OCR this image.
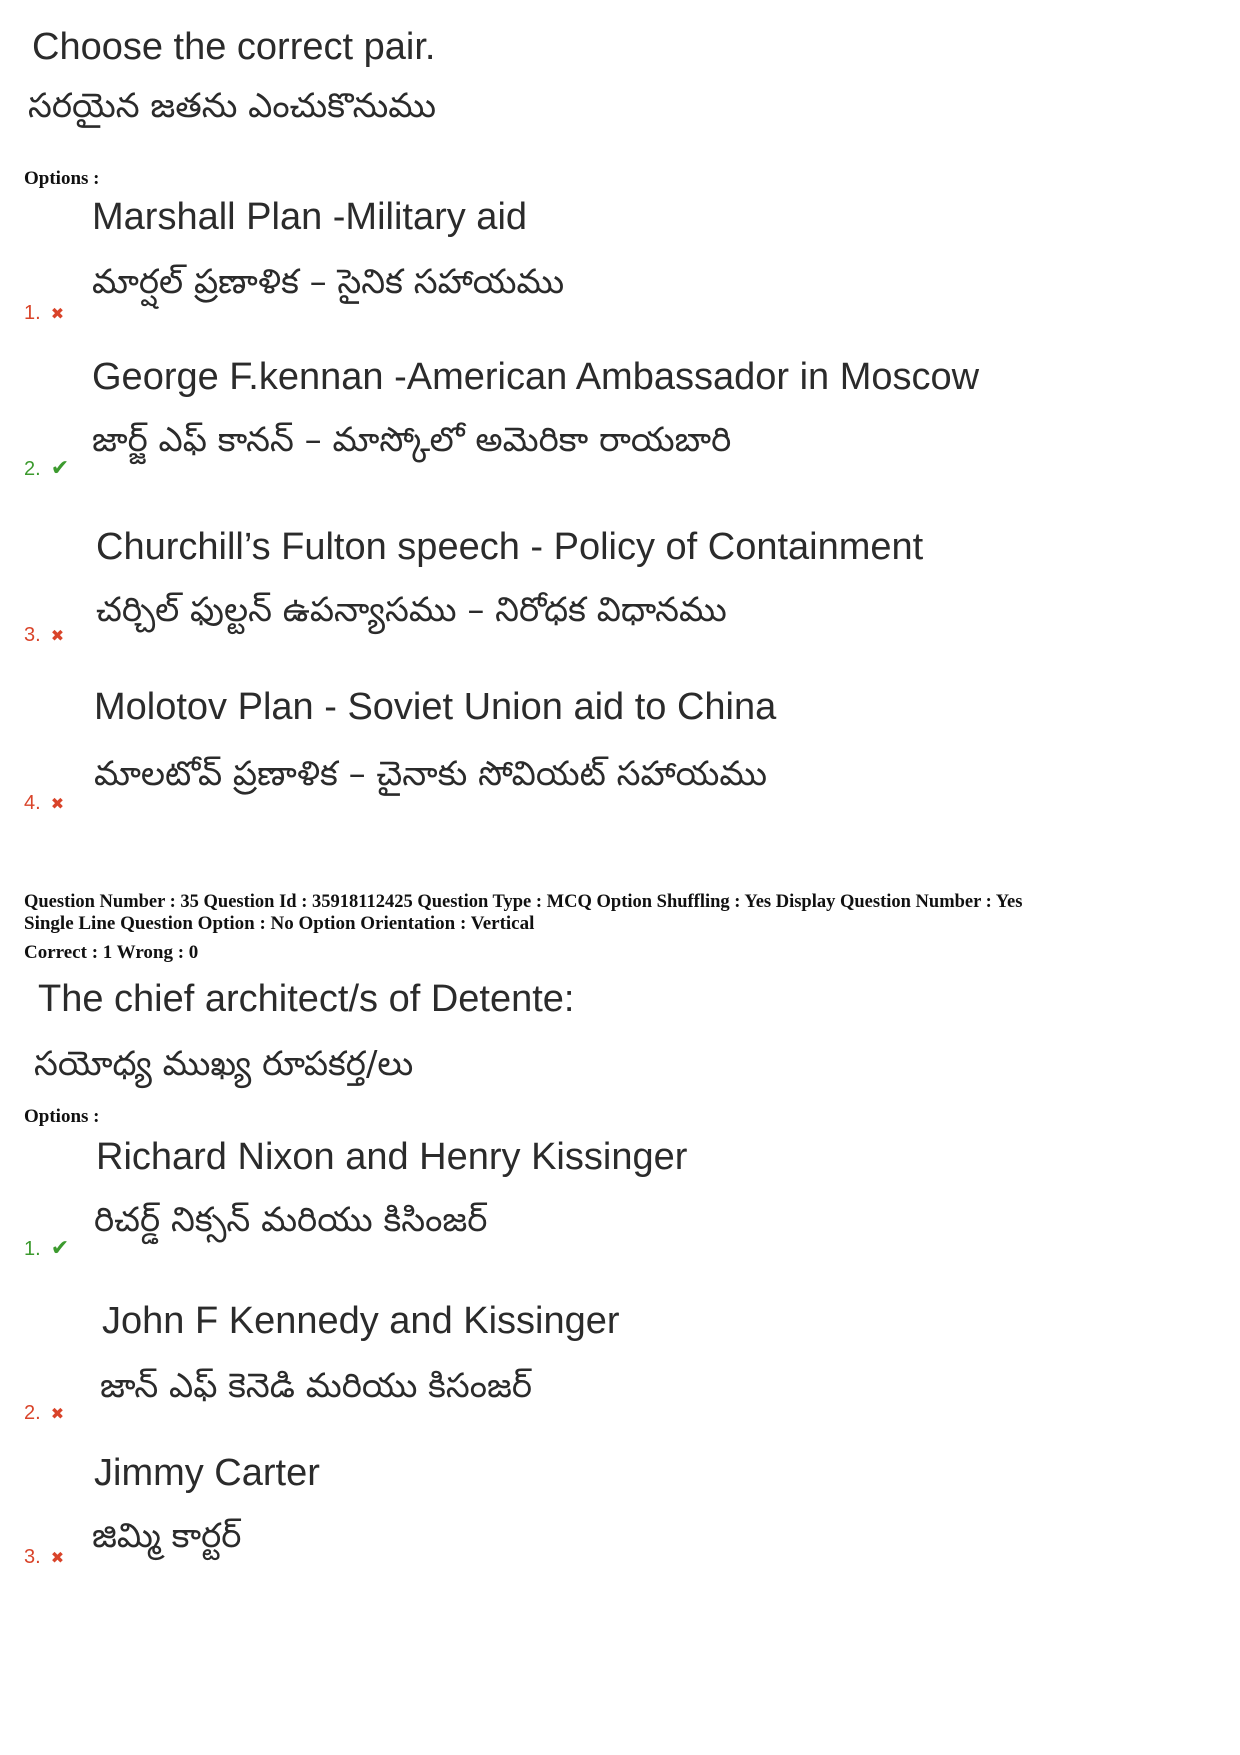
Choose the correct pair.
సరయైన జతను ఎంచుకొనుము
Options :
Marshall Plan -Military aid
మార్షల్ ప్రణాళిక – సైనిక సహాయము
1. ✖
George F.kennan -American Ambassador in Moscow
జార్జ్ ఎఫ్ కానన్ – మాస్కోలో అమెరికా రాయబారి
2. ✔
Churchill’s Fulton speech - Policy of Containment
చర్చిల్ ఫుల్టన్ ఉపన్యాసము – నిరోధక విధానము
3. ✖
Molotov Plan - Soviet Union aid to China
మాలటోవ్ ప్రణాళిక – చైనాకు సోవియట్ సహాయము
4. ✖
Question Number : 35 Question Id : 35918112425 Question Type : MCQ Option Shuffling : Yes Display Question Number : Yes
Single Line Question Option : No Option Orientation : Vertical
Correct : 1 Wrong : 0
The chief architect/s of Detente:
సయోధ్య ముఖ్య రూపకర్త/లు
Options :
Richard Nixon and Henry Kissinger
రిచర్డ్ నిక్సన్ మరియు కిసింజర్
1. ✔
John F Kennedy and Kissinger
జాన్ ఎఫ్ కెనెడి మరియు కిసంజర్
2. ✖
Jimmy Carter
జిమ్మి కార్టర్
3. ✖
